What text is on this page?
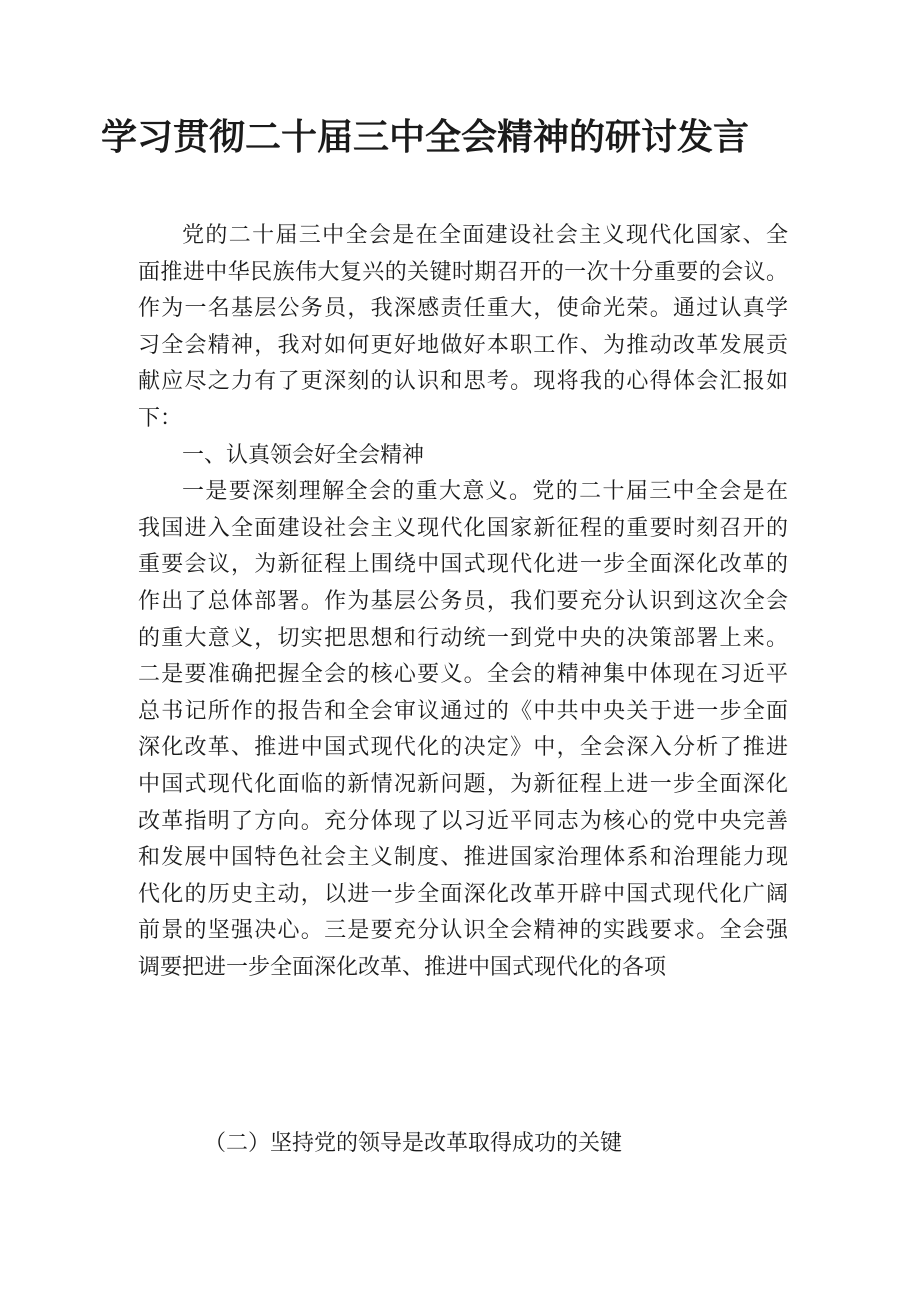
学习贯彻二十届三中全会精神的研讨发言
党的二十届三中全会是在全面建设社会主义现代化国家、全
面推进中华民族伟大复兴的关键时期召开的一次十分重要的会议。
作为一名基层公务员，我深感责任重大，使命光荣。通过认真学
习全会精神，我对如何更好地做好本职工作、为推动改革发展贡
献应尽之力有了更深刻的认识和思考。现将我的心得体会汇报如
下：
一、认真领会好全会精神
一是要深刻理解全会的重大意义。党的二十届三中全会是在
我国进入全面建设社会主义现代化国家新征程的重要时刻召开的
重要会议，为新征程上围绕中国式现代化进一步全面深化改革的
作出了总体部署。作为基层公务员，我们要充分认识到这次全会
的重大意义，切实把思想和行动统一到党中央的决策部署上来。
二是要准确把握全会的核心要义。全会的精神集中体现在习近平
总书记所作的报告和全会审议通过的《中共中央关于进一步全面
深化改革、推进中国式现代化的决定》中，全会深入分析了推进
中国式现代化面临的新情况新问题，为新征程上进一步全面深化
改革指明了方向。充分体现了以习近平同志为核心的党中央完善
和发展中国特色社会主义制度、推进国家治理体系和治理能力现
代化的历史主动，以进一步全面深化改革开辟中国式现代化广阔
前景的坚强决心。三是要充分认识全会精神的实践要求。全会强
调要把进一步全面深化改革、推进中国式现代化的各项
（二）坚持党的领导是改革取得成功的关键
